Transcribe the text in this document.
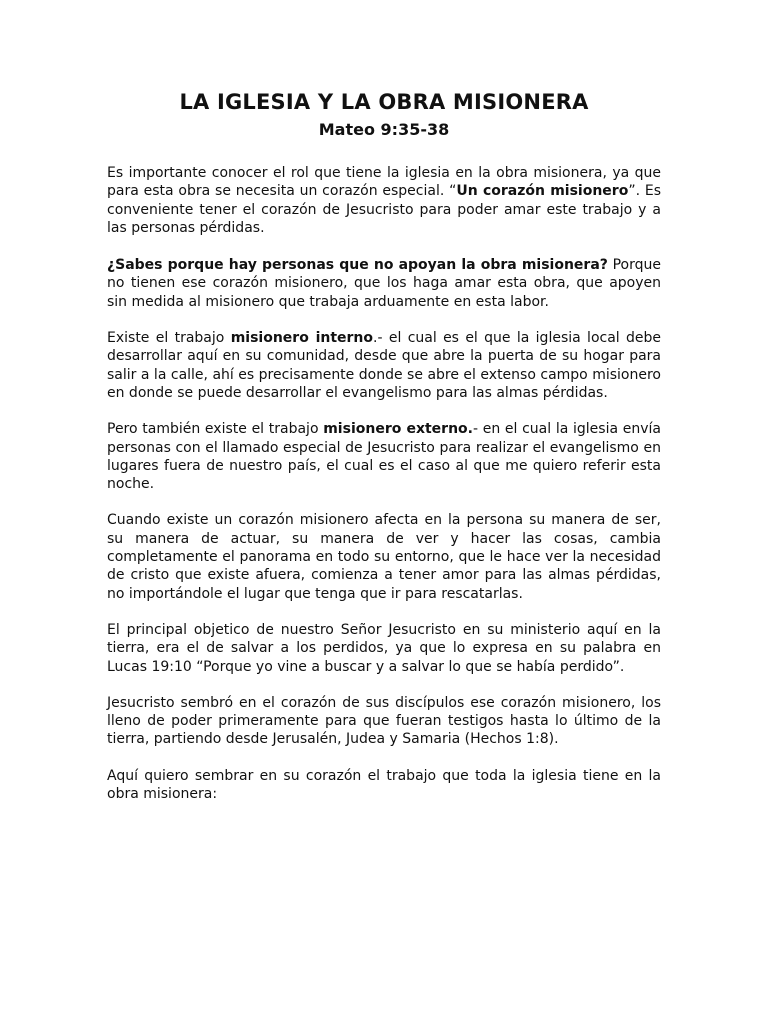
LA IGLESIA Y LA OBRA MISIONERA
Mateo 9:35-38

Es importante conocer el rol que tiene la iglesia en la obra misionera, ya que para esta obra se necesita un corazón especial. “Un corazón misionero”. Es conveniente tener el corazón de Jesucristo para poder amar este trabajo y a las personas pérdidas.

¿Sabes porque hay personas que no apoyan la obra misionera? Porque no tienen ese corazón misionero, que los haga amar esta obra, que apoyen sin medida al misionero que trabaja arduamente en esta labor.

Existe el trabajo misionero interno.- el cual es el que la iglesia local debe desarrollar aquí en su comunidad, desde que abre la puerta de su hogar para salir a la calle, ahí es precisamente donde se abre el extenso campo misionero en donde se puede desarrollar el evangelismo para las almas pérdidas.

Pero también existe el trabajo misionero externo.- en el cual la iglesia envía personas con el llamado especial de Jesucristo para realizar el evangelismo en lugares fuera de nuestro país, el cual es el caso al que me quiero referir esta noche.

Cuando existe un corazón misionero afecta en la persona su manera de ser, su manera de actuar, su manera de ver y hacer las cosas, cambia completamente el panorama en todo su entorno, que le hace ver la necesidad de cristo que existe afuera, comienza a tener amor para las almas pérdidas, no importándole el lugar que tenga que ir para rescatarlas.

El principal objetico de nuestro Señor Jesucristo en su ministerio aquí en la tierra, era el de salvar a los perdidos, ya que lo expresa en su palabra en Lucas 19:10 “Porque yo vine a buscar y a salvar lo que se había perdido”.

Jesucristo sembró en el corazón de sus discípulos ese corazón misionero, los lleno de poder primeramente para que fueran testigos hasta lo último de la tierra, partiendo desde Jerusalén, Judea y Samaria (Hechos 1:8).

Aquí quiero sembrar en su corazón el trabajo que toda la iglesia tiene en la obra misionera:
